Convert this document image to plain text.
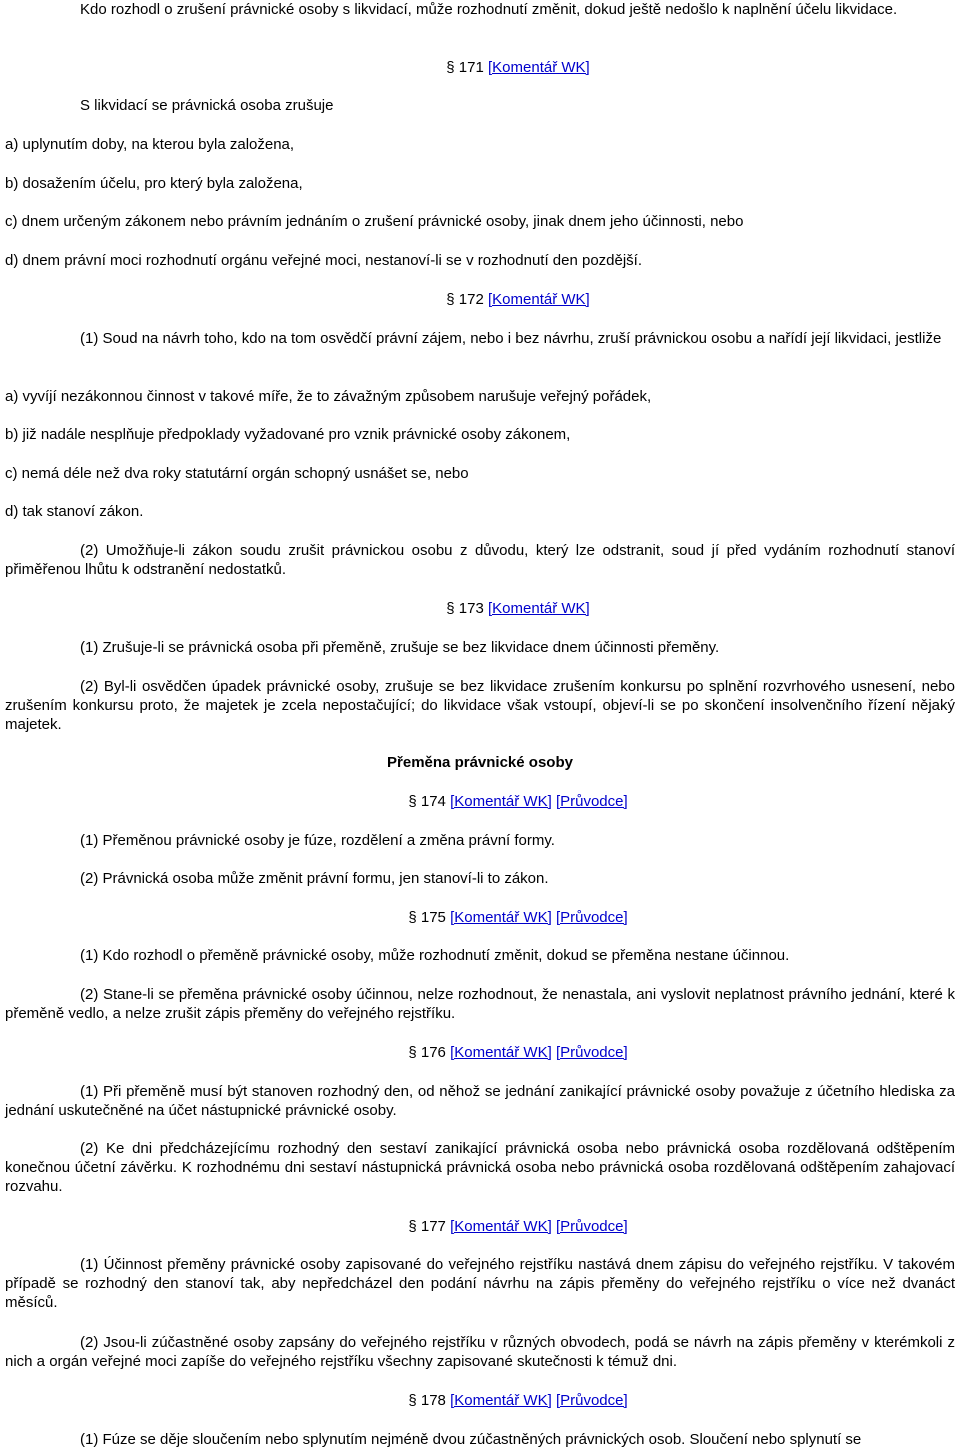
Kdo rozhodl o zrušení právnické osoby s likvidací, může rozhodnutí změnit, dokud ještě nedošlo k naplnění účelu likvidace.
§ 171 [Komentář WK]
S likvidací se právnická osoba zrušuje
a) uplynutím doby, na kterou byla založena,
b) dosažením účelu, pro který byla založena,
c) dnem určeným zákonem nebo právním jednáním o zrušení právnické osoby, jinak dnem jeho účinnosti, nebo
d) dnem právní moci rozhodnutí orgánu veřejné moci, nestanoví-li se v rozhodnutí den pozdější.
§ 172 [Komentář WK]
(1) Soud na návrh toho, kdo na tom osvědčí právní zájem, nebo i bez návrhu, zruší právnickou osobu a nařídí její likvidaci, jestliže
a) vyvíjí nezákonnou činnost v takové míře, že to závažným způsobem narušuje veřejný pořádek,
b) již nadále nesplňuje předpoklady vyžadované pro vznik právnické osoby zákonem,
c) nemá déle než dva roky statutární orgán schopný usnášet se, nebo
d) tak stanoví zákon.
(2) Umožňuje-li zákon soudu zrušit právnickou osobu z důvodu, který lze odstranit, soud jí před vydáním rozhodnutí stanoví přiměřenou lhůtu k odstranění nedostatků.
§ 173 [Komentář WK]
(1) Zrušuje-li se právnická osoba při přeměně, zrušuje se bez likvidace dnem účinnosti přeměny.
(2) Byl-li osvědčen úpadek právnické osoby, zrušuje se bez likvidace zrušením konkursu po splnění rozvrhového usnesení, nebo zrušením konkursu proto, že majetek je zcela nepostačující; do likvidace však vstoupí, objeví-li se po skončení insolvenčního řízení nějaký majetek.
Přeměna právnické osoby
§ 174 [Komentář WK] [Průvodce]
(1) Přeměnou právnické osoby je fúze, rozdělení a změna právní formy.
(2) Právnická osoba může změnit právní formu, jen stanoví-li to zákon.
§ 175 [Komentář WK] [Průvodce]
(1) Kdo rozhodl o přeměně právnické osoby, může rozhodnutí změnit, dokud se přeměna nestane účinnou.
(2) Stane-li se přeměna právnické osoby účinnou, nelze rozhodnout, že nenastala, ani vyslovit neplatnost právního jednání, které k přeměně vedlo, a nelze zrušit zápis přeměny do veřejného rejstříku.
§ 176 [Komentář WK] [Průvodce]
(1) Při přeměně musí být stanoven rozhodný den, od něhož se jednání zanikající právnické osoby považuje z účetního hlediska za jednání uskutečněné na účet nástupnické právnické osoby.
(2) Ke dni předcházejícímu rozhodný den sestaví zanikající právnická osoba nebo právnická osoba rozdělovaná odštěpením konečnou účetní závěrku. K rozhodnému dni sestaví nástupnická právnická osoba nebo právnická osoba rozdělovaná odštěpením zahajovací rozvahu.
§ 177 [Komentář WK] [Průvodce]
(1) Účinnost přeměny právnické osoby zapisované do veřejného rejstříku nastává dnem zápisu do veřejného rejstříku. V takovém případě se rozhodný den stanoví tak, aby nepředcházel den podání návrhu na zápis přeměny do veřejného rejstříku o více než dvanáct měsíců.
(2) Jsou-li zúčastněné osoby zapsány do veřejného rejstříku v různých obvodech, podá se návrh na zápis přeměny v kterémkoli z nich a orgán veřejné moci zapíše do veřejného rejstříku všechny zapisované skutečnosti k témuž dni.
§ 178 [Komentář WK] [Průvodce]
(1) Fúze se děje sloučením nebo splynutím nejméně dvou zúčastněných právnických osob. Sloučení nebo splynutí se
